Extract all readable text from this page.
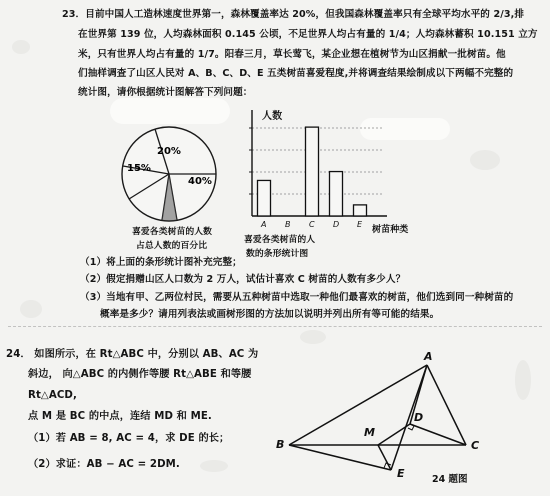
23．目前中国人工造林速度世界第一，森林覆盖率达 20%，但我国森林覆盖率只有全球平均水平的 2/3,排
在世界第 139 位，人均森林面积 0.145 公顷，不足世界人均占有量的 1/4；人均森林蓄积 10.151 立方
米，只有世界人均占有量的 1/7。阳春三月，草长莺飞，某企业想在植树节为山区捐献一批树苗。他
们抽样调查了山区人民对 A、B、C、D、E 五类树苗喜爱程度,并将调查结果绘制成以下两幅不完整的
统计图，请你根据统计图解答下列问题：
20%
15%
40%
喜爱各类树苗的人数
占总人数的百分比
A B C D E
人数
树苗种类
喜爱各类树苗的人
数的条形统计图
（1）将上面的条形统计图补充完整；
（2）假定捐赠山区人口数为 2 万人，试估计喜欢 C 树苗的人数有多少人？
（3）当地有甲、乙两位村民，需要从五种树苗中选取一种他们最喜欢的树苗，他们选到同一种树苗的
概率是多少？请用列表法或画树形图的方法加以说明并列出所有等可能的结果。
24． 如图所示，在 Rt△ABC 中，分别以 AB、AC 为
斜边， 向△ABC 的内侧作等腰 Rt△ABE 和等腰
Rt△ACD,
点 M 是 BC 的中点，连结 MD 和 ME.
（1）若 AB = 8, AC = 4，求 DE 的长；
（2）求证：AB − AC = 2DM.
A
B	C
D
E
M
24 题图
